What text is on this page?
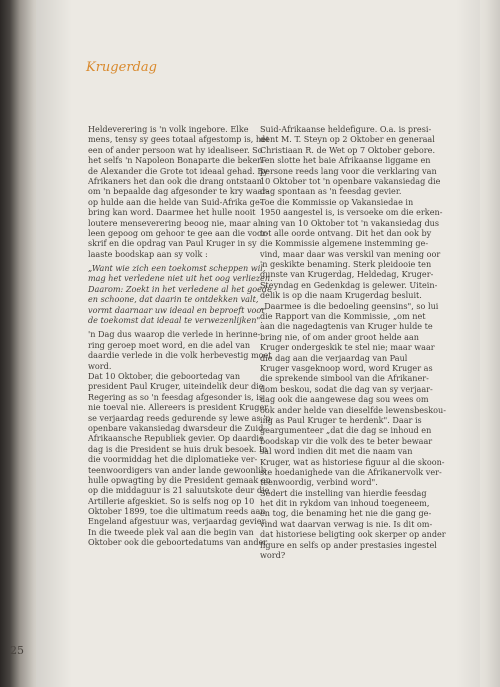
Krugerdag
Heldeverering is 'n volk ingebore. Elke
mens, tensy sy gees totaal afgestomp is, het
een of ander persoon wat hy idealiseer. So
het selfs 'n Napoleon Bonaparte die beken-
de Alexander die Grote tot ideaal gehad. By
Afrikaners het dan ook die drang ontstaan
om 'n bepaalde dag afgesonder te kry waar-
op hulde aan die helde van Suid-Afrika ge-
bring kan word. Daarmee het hulle nooit
loutere menseverering beoog nie, maar al-
leen gepoog om gehoor te gee aan die voor-
skrif en die opdrag van Paul Kruger in sy
laaste boodskap aan sy volk :
„Want wie zich een toekomst scheppen wil,
mag het verledene niet uit het oog verliezen.
Daarom: Zoekt in het verledene al het goede
en schoone, dat daarin te ontdekken valt,
vormt daarnaar uw ideaal en beproeft voor
de toekomst dat ideaal te verwezenlijken".
'n Dag dus waarop die verlede in herinne-
ring geroep moet word, en die adel van
daardie verlede in die volk herbevestig moet
word.
Dat 10 Oktober, die geboortedag van
president Paul Kruger, uiteindelik deur die
Regering as so 'n feesdag afgesonder is, is
nie toeval nie. Allereers is president Kruger
se verjaardag reeds gedurende sy lewe as 'n
openbare vakansiedag dwarsdeur die Zuid-
Afrikaansche Republiek gevier. Op daardie
dag is die President se huis druk besoek. In
die voormiddag het die diplomatieke ver-
teenwoordigers van ander lande gewoonlik
hulle opwagting by die President gemaak en
op die middaguur is 21 saluutskote deur die
Artillerie afgeskiet. So is selfs nog op 10
Oktober 1899, toe die ultimatum reeds aan
Engeland afgestuur was, verjaardag gevier.
In die tweede plek val aan die begin van
Oktober ook die geboortedatums van ander
Suid-Afrikaanse heldefigure. O.a. is presi-
dent M. T. Steyn op 2 Oktober en generaal
Christiaan R. de Wet op 7 Oktober gebore.
Ten slotte het baie Afrikaanse liggame en
persone reeds lang voor die verklaring van
10 Oktober tot 'n openbare vakansiedag die
dag spontaan as 'n feesdag gevier.
Toe die Kommissie op Vakansiedae in
1950 aangestel is, is versoeke om die erken-
ning van 10 Oktober tot 'n vakansiedag dus
tot alle oorde ontvang. Dit het dan ook by
die Kommissie algemene instemming ge-
vind, maar daar was verskil van mening oor
'n geskikte benaming. Sterk pleidooie ten
gunste van Krugerdag, Heldedag, Kruger-
Steyndag en Gedenkdag is gelewer. Uitein-
delik is op die naam Krugerdag besluit.
„Daarmee is die bedoeling geensins", so lui
die Rapport van die Kommissie, „om net
aan die nagedagtenis van Kruger hulde te
bring nie, of om ander groot helde aan
Kruger ondergeskik te stel nie; maar waar
die dag aan die verjaardag van Paul
Kruger vasgeknoop word, word Kruger as
die sprekende simbool van die Afrikaner-
dom beskou, sodat die dag van sy verjaar-
dag ook die aangewese dag sou wees om
ook ander helde van dieselfde lewensbeskou-
ing as Paul Kruger te herdenk". Daar is
geargumenteer „dat die dag se inhoud en
boodskap vir die volk des te beter bewaar
sal word indien dit met die naam van
Kruger, wat as historiese figuur al die skoon-
ste hoedanighede van die Afrikanervolk ver-
teenwoordig, verbind word".
Sedert die instelling van hierdie feesdag
het dit in rykdom van inhoud toegeneem,
en tog, die benaming het nie die gang ge-
vind wat daarvan verwag is nie. Is dit om-
dat historiese beligting ook skerper op ander
figure en selfs op ander prestasies ingestel
word?
25
